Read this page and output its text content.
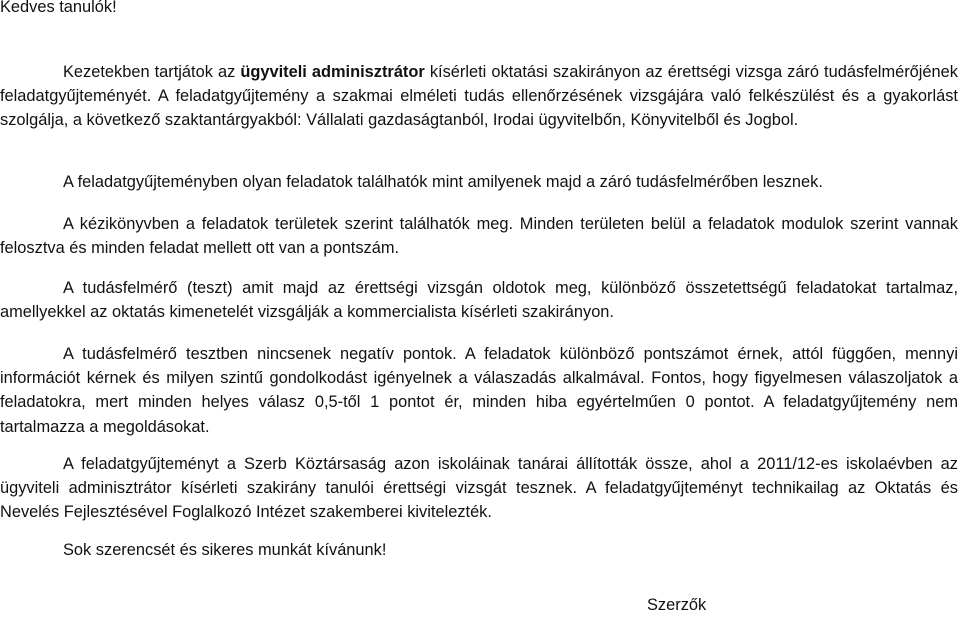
Kedves tanulók!
Kezetekben tartjátok az ügyviteli adminisztrátor kísérleti oktatási szakirányon az érettségi vizsga záró tudásfelmérőjének feladatgyűjteményét. A feladatgyűjtemény a szakmai elméleti tudás ellenőrzésének vizsgájára való felkészülést és a gyakorlást szolgálja, a következő szaktantárgyakból: Vállalati gazdaságtanból, Irodai ügyvitelbőn, Könyvitelből és Jogbol.
A feladatgyűjteményben olyan feladatok találhatók mint amilyenek majd a záró tudásfelmérőben lesznek.
A kézikönyvben a feladatok területek szerint találhatók meg. Minden területen belül a feladatok modulok szerint vannak felosztva és minden feladat mellett ott van a pontszám.
A tudásfelmérő (teszt) amit majd az érettségi vizsgán oldotok meg, különböző összetettségű feladatokat tartalmaz, amellyekkel az oktatás kimenetelét vizsgálják a kommercialista kísérleti szakirányon.
A tudásfelmérő tesztben nincsenek negatív pontok. A feladatok különböző pontszámot érnek, attól függően, mennyi információt kérnek és milyen szintű gondolkodást igényelnek a válaszadás alkalmával. Fontos, hogy figyelmesen válaszoljatok a feladatokra, mert minden helyes válasz 0,5-től 1 pontot ér, minden hiba egyértelműen 0 pontot. A feladatgyűjtemény nem tartalmazza a megoldásokat.
A feladatgyűjteményt a Szerb Köztársaság azon iskoláinak tanárai állították össze, ahol a 2011/12-es iskolaévben az ügyviteli adminisztrátor kísérleti szakirány tanulói érettségi vizsgát tesznek. A feladatgyűjteményt technikailag az Oktatás és Nevelés Fejlesztésével Foglalkozó Intézet szakemberei kivitelezték.
Sok szerencsét és sikeres munkát kívánunk!
Szerzők
